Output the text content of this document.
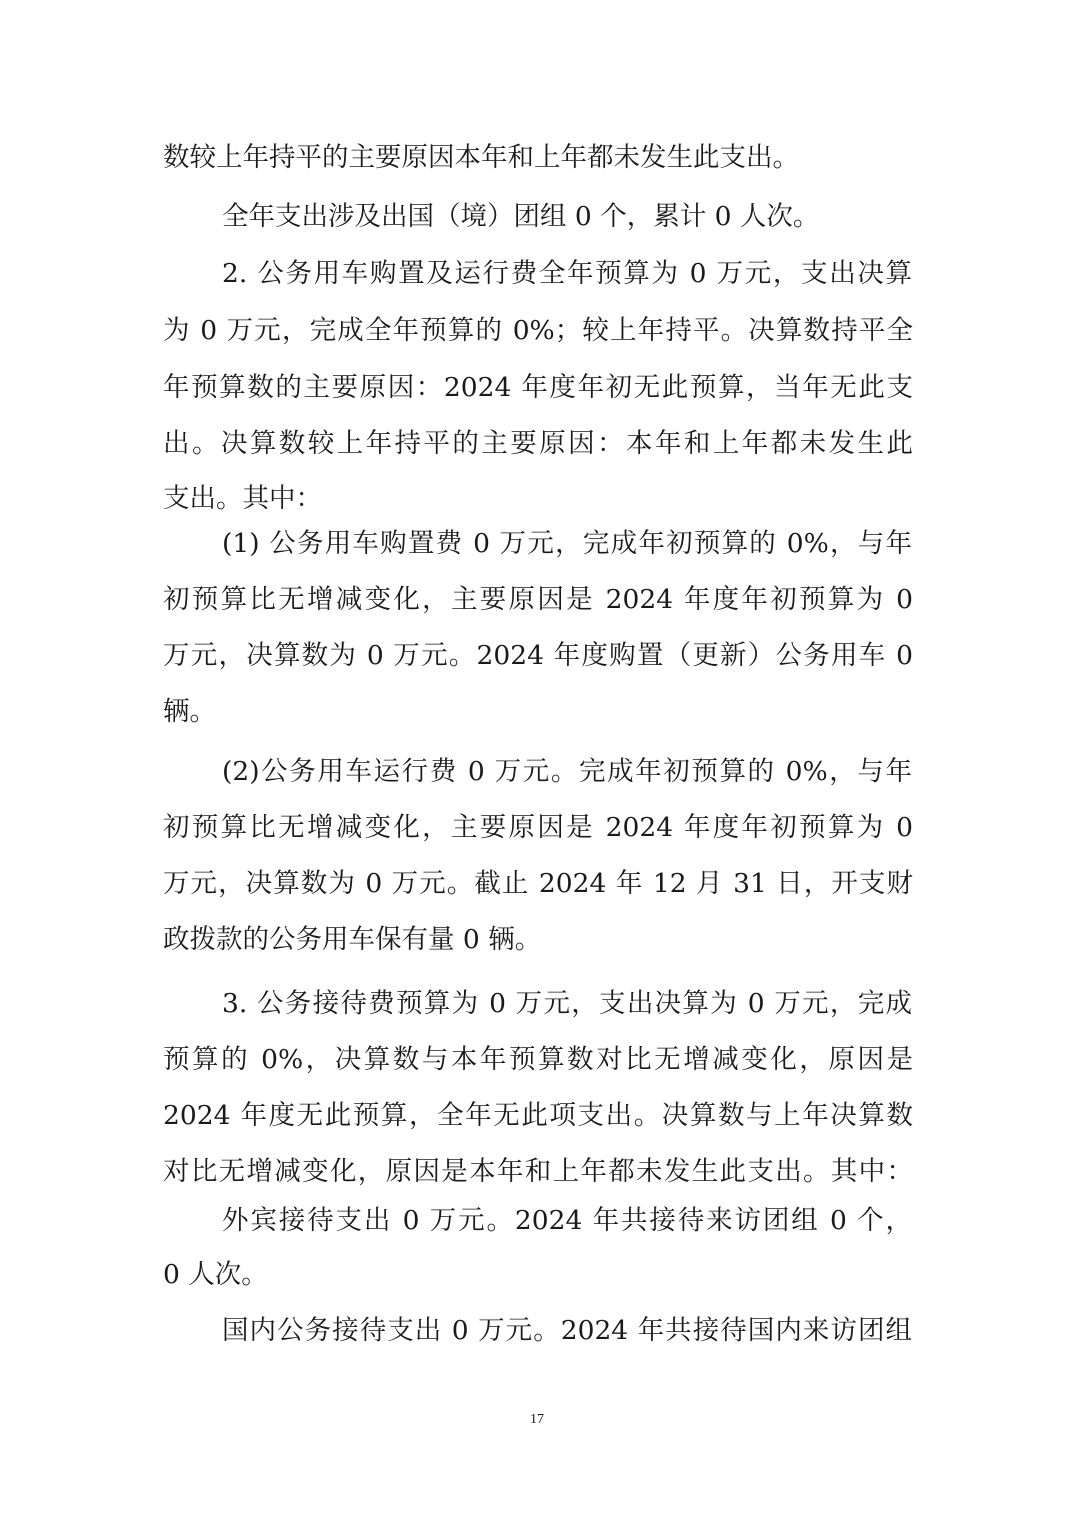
数较上年持平的主要原因本年和上年都未发生此支出。
全年支出涉及出国（境）团组 0 个，累计 0 人次。
2. 公务用车购置及运行费全年预算为 0 万元，支出决算
为 0 万元，完成全年预算的 0%；较上年持平。决算数持平全
年预算数的主要原因：2024 年度年初无此预算，当年无此支
出。决算数较上年持平的主要原因：本年和上年都未发生此
支出。其中：
(1) 公务用车购置费 0 万元，完成年初预算的 0%，与年
初预算比无增减变化，主要原因是 2024 年度年初预算为 0
万元，决算数为 0 万元。2024 年度购置（更新）公务用车 0
辆。
(2)公务用车运行费 0 万元。完成年初预算的 0%，与年
初预算比无增减变化，主要原因是 2024 年度年初预算为 0
万元，决算数为 0 万元。截止 2024 年 12 月 31 日，开支财
政拨款的公务用车保有量 0 辆。
3. 公务接待费预算为 0 万元，支出决算为 0 万元，完成
预算的 0%，决算数与本年预算数对比无增减变化，原因是
2024 年度无此预算，全年无此项支出。决算数与上年决算数
对比无增减变化，原因是本年和上年都未发生此支出。其中：
外宾接待支出 0 万元。2024 年共接待来访团组 0 个，
0 人次。
国内公务接待支出 0 万元。2024 年共接待国内来访团组
17
